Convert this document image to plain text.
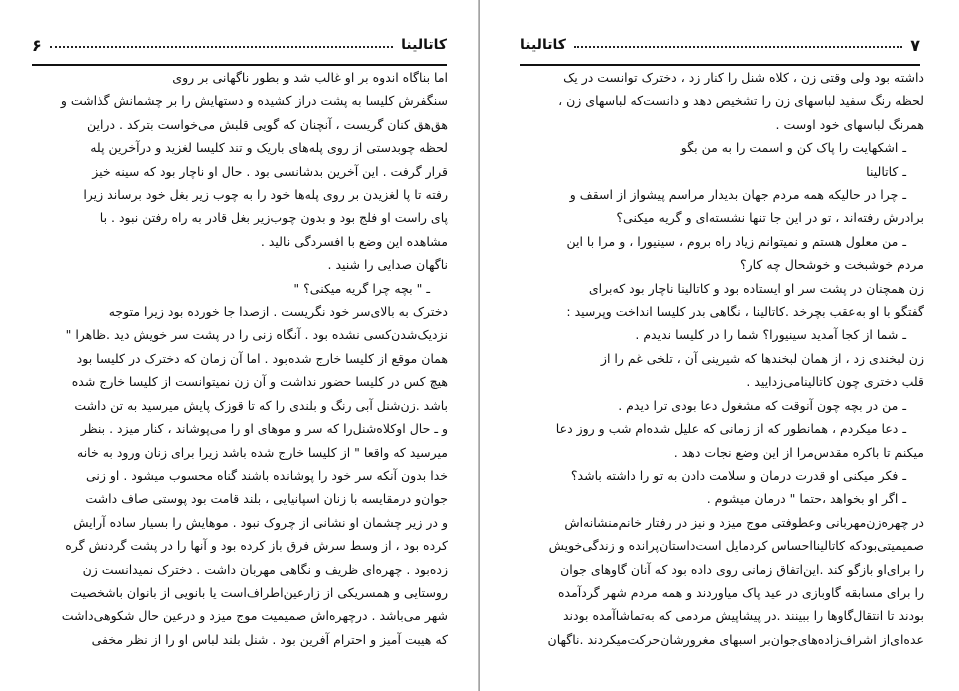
کاتالینا
۶

اما بناگاه اندوه بر او غالب شد و بطور ناگهانی بر روی

سنگفرش کلیسا به پشت دراز کشیده و دستهایش را بر چشمانش گذاشت و

هق‌هق کنان گریست ، آنچنان که گویی قلبش می‌خواست بترکد . دراین

لحظه چوبدستی از روی پله‌های باریک و تند کلیسا لغزید و درآخرین پله

قرار گرفت . این آخرین بدشانسی بود . حال او ناچار بود که سینه خیز

رفته تا پا لغزیدن بر روی پله‌ها خود را به چوب زیر بغل خود برساند زیرا

پای راست او فلج بود و بدون چوب‌زیر بغل قادر به راه رفتن نبود . با

مشاهده این وضع با افسردگی نالید .

ناگهان صدایی را شنید .

ـ " بچه چرا گریه میکنی؟ "

دخترک به بالای‌سر خود نگریست . از‌صدا جا خورده بود زیرا متوجه

نزدیک‌شدن‌کسی نشده بود . آنگاه زنی را در پشت سر خویش دید .ظاهرا "

همان موقع از کلیسا خارج شده‌بود . اما آن زمان که دخترک در کلیسا بود

هیچ کس در کلیسا حضور نداشت و آن زن نمیتوانست از کلیسا خارج شده

باشد .زن‌شنل آبی رنگ و بلندی را که تا قوزک پایش میرسید به تن داشت

و ـ حال او‌کلاه‌شنل‌را که سر و موهای او را می‌پوشاند ، کنار میزد . بنظر

میرسید که واقعا " از کلیسا خارج شده باشد زیرا برای زنان ورود به خانه

خدا بدون آنکه سر خود را پوشانده باشند گناه محسوب میشود . او زنی

جوان‌و درمقایسه با زنان اسپانیایی ، بلند قامت بود پوستی صاف داشت

و در زیر چشمان او نشانی از چروک نبود . موهایش را بسیار ساده آرایش

کرده بود ، از وسط سرش فرق باز کرده بود و آنها را در پشت گردنش گره

زده‌بود . چهره‌ای ظریف و نگاهی مهربان داشت . دخترک نمیدانست زن

روستایی و همسریکی از زارعین‌اطراف‌است یا بانویی از بانوان باشخصیت

شهر می‌باشد . درچهره‌اش صمیمیت موج میزد و درعین حال شکوهی‌داشت

که هیبت آمیز و احترام آفرین بود . شنل بلند لباس او را از نظر مخفی

۷
کاتالینا

داشته بود ولی وقتی زن ، کلاه شنل را کنار زد ، دخترک توانست در یک

لحظه رنگ سفید لباسهای زن را تشخیص دهد و دانست‌که لباسهای زن ،

همرنگ لباسهای خود اوست .

ـ اشکهایت را پاک کن و اسمت را به من بگو

ـ کاتالینا

ـ چرا در حالیکه همه مردم جهان بدیدار مراسم پیشواز از اسقف و

برادرش رفته‌اند ، تو در این جا تنها نشسته‌ای و گریه میکنی؟

ـ من معلول هستم و نمیتوانم زیاد راه بروم ، سینیورا ، و مرا با این

مردم خوشبخت و خوشحال چه کار؟

زن همچنان در پشت سر او ایستاده بود و کاتالینا ناچار بود که‌برای

گفتگو با او به‌عقب بچرخد .کاتالینا ، نگاهی بدر کلیسا انداخت وپرسید :

ـ شما از کجا آمدید سینیورا؟ شما را در کلیسا ندیدم .

زن لبخندی زد ، از همان لبخندها که شیرینی آن ، تلخی غم را از

قلب دختری چون کاتالینامی‌زدایید .

ـ من در بچه چون آنوقت که مشغول دعا بودی ترا دیدم .

ـ دعا میکردم ، همانطور که از زمانی که علیل شده‌ام شب و روز دعا

میکنم تا باکره مقدس‌مرا از این وضع نجات دهد .

ـ فکر میکنی او قدرت درمان و سلامت دادن به تو را داشته باشد؟

ـ اگر او بخواهد ،حتما " درمان میشوم .

در چهره‌زن‌مهربانی وعطوفتی موج میزد و نیز در رفتار خانم‌منشانه‌اش

صمیمیتی‌بودکه کاتالینااحساس کردمایل است‌داستان‌پرانده‌ و زندگی‌خویش

را برای‌او بازگو کند .این‌اتفاق زمانی روی داده بود که آنان گاوهای جوان

را برای مسابقه گاوبازی در عید پاک میاوردند و همه مردم شهر گردآمده

بودند تا انتقال‌گاوها را ببینند .در پیشاپیش مردمی که به‌تماشاآمده بودند

عده‌ای‌از اشراف‌زاده‌های‌جوان‌بر اسبهای مغرورشان‌حرکت‌میکردند .ناگهان
